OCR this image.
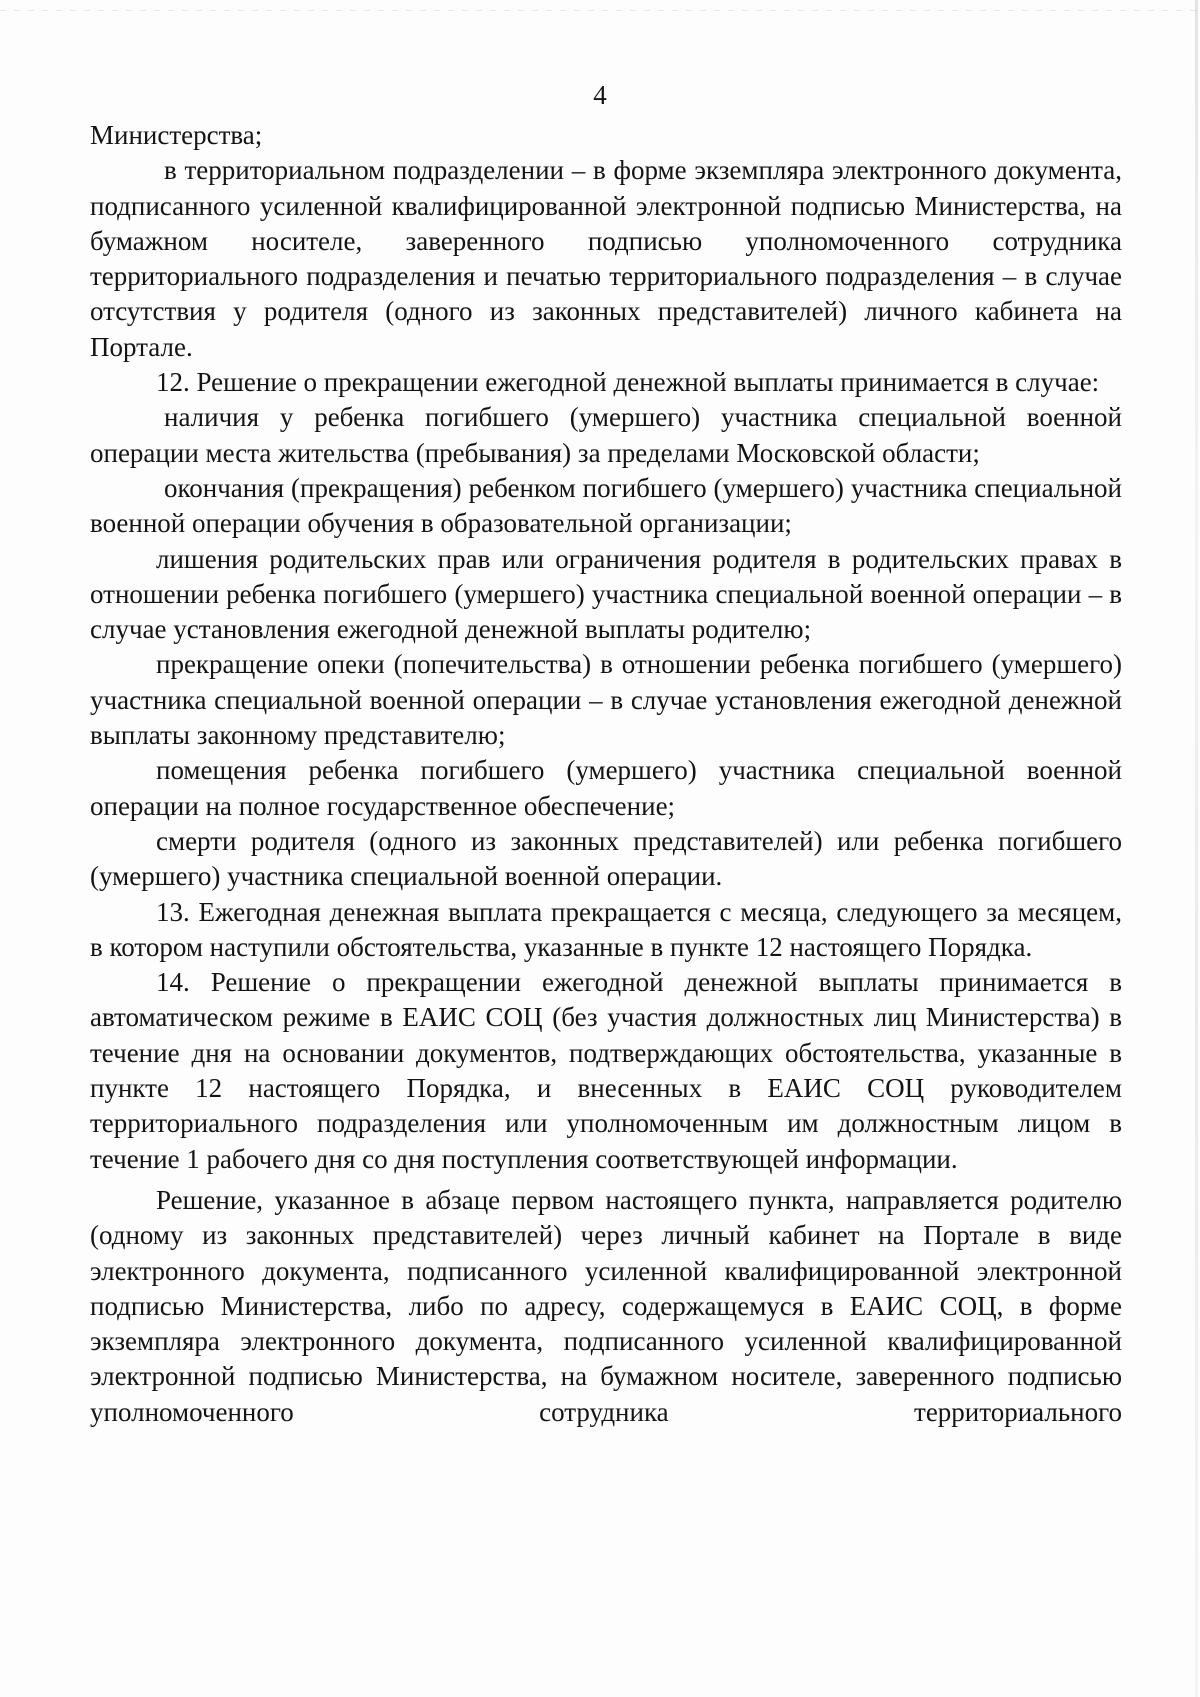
4

Министерства;

в территориальном подразделении – в форме экземпляра электронного документа, подписанного усиленной квалифицированной электронной подписью Министерства, на бумажном носителе, заверенного подписью уполномоченного сотрудника территориального подразделения и печатью территориального подразделения – в случае отсутствия у родителя (одного из законных представителей) личного кабинета на Портале.

12. Решение о прекращении ежегодной денежной выплаты принимается в случае:

наличия у ребенка погибшего (умершего) участника специальной военной операции места жительства (пребывания) за пределами Московской области;

окончания (прекращения) ребенком погибшего (умершего) участника специальной военной операции обучения в образовательной организации;

лишения родительских прав или ограничения родителя в родительских правах в отношении ребенка погибшего (умершего) участника специальной военной операции – в случае установления ежегодной денежной выплаты родителю;

прекращение опеки (попечительства) в отношении ребенка погибшего (умершего) участника специальной военной операции – в случае установления ежегодной денежной выплаты законному представителю;

помещения ребенка погибшего (умершего) участника специальной военной операции на полное государственное обеспечение;

смерти родителя (одного из законных представителей) или ребенка погибшего (умершего) участника специальной военной операции.

13. Ежегодная денежная выплата прекращается с месяца, следующего за месяцем, в котором наступили обстоятельства, указанные в пункте 12 настоящего Порядка.

14. Решение о прекращении ежегодной денежной выплаты принимается в автоматическом режиме в ЕАИС СОЦ (без участия должностных лиц Министерства) в течение дня на основании документов, подтверждающих обстоятельства, указанные в пункте 12 настоящего Порядка, и внесенных в ЕАИС СОЦ руководителем территориального подразделения или уполномоченным им должностным лицом в течение 1 рабочего дня со дня поступления соответствующей информации.

Решение, указанное в абзаце первом настоящего пункта, направляется родителю (одному из законных представителей) через личный кабинет на Портале в виде электронного документа, подписанного усиленной квалифицированной электронной подписью Министерства, либо по адресу, содержащемуся в ЕАИС СОЦ, в форме экземпляра электронного документа, подписанного усиленной квалифицированной электронной подписью Министерства, на бумажном носителе, заверенного подписью уполномоченного сотрудника территориального
